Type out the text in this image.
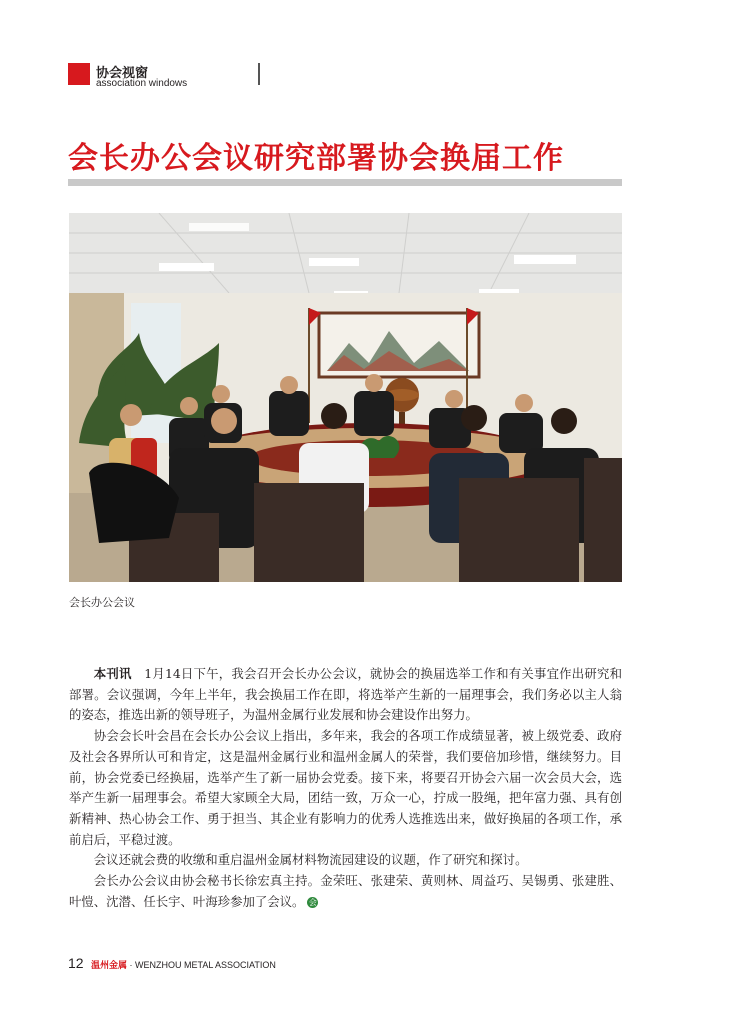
协会视窗
association windows
会长办公会议研究部署协会换届工作
会长办公会议

本刊讯　 1月14日下午，我会召开会长办公会议，就协会的换届选举工作和有关事宜作出研究和部署。会议强调，今年上半年，我会换届工作在即，将选举产生新的一届理事会，我们务必以主人翁的姿态，推选出新的领导班子，为温州金属行业发展和协会建设作出努力。

协会会长叶会昌在会长办公会议上指出，多年来，我会的各项工作成绩显著，被上级党委、政府及社会各界所认可和肯定，这是温州金属行业和温州金属人的荣誉，我们要倍加珍惜，继续努力。目前，协会党委已经换届，选举产生了新一届协会党委。接下来，将要召开协会六届一次会员大会，选举产生新一届理事会。希望大家顾全大局，团结一致，万众一心，拧成一股绳，把年富力强、具有创新精神、热心协会工作、勇于担当、其企业有影响力的优秀人选推选出来，做好换届的各项工作，承前启后，平稳过渡。

会议还就会费的收缴和重启温州金属材料物流园建设的议题，作了研究和探讨。

会长办公会议由协会秘书长徐宏真主持。金荣旺、张建荣、黄则林、周益巧、吴锡勇、张建胜、叶愷、沈潜、任长宇、叶海珍参加了会议。 会

12 温州金属 · WENZHOU METAL ASSOCIATION
